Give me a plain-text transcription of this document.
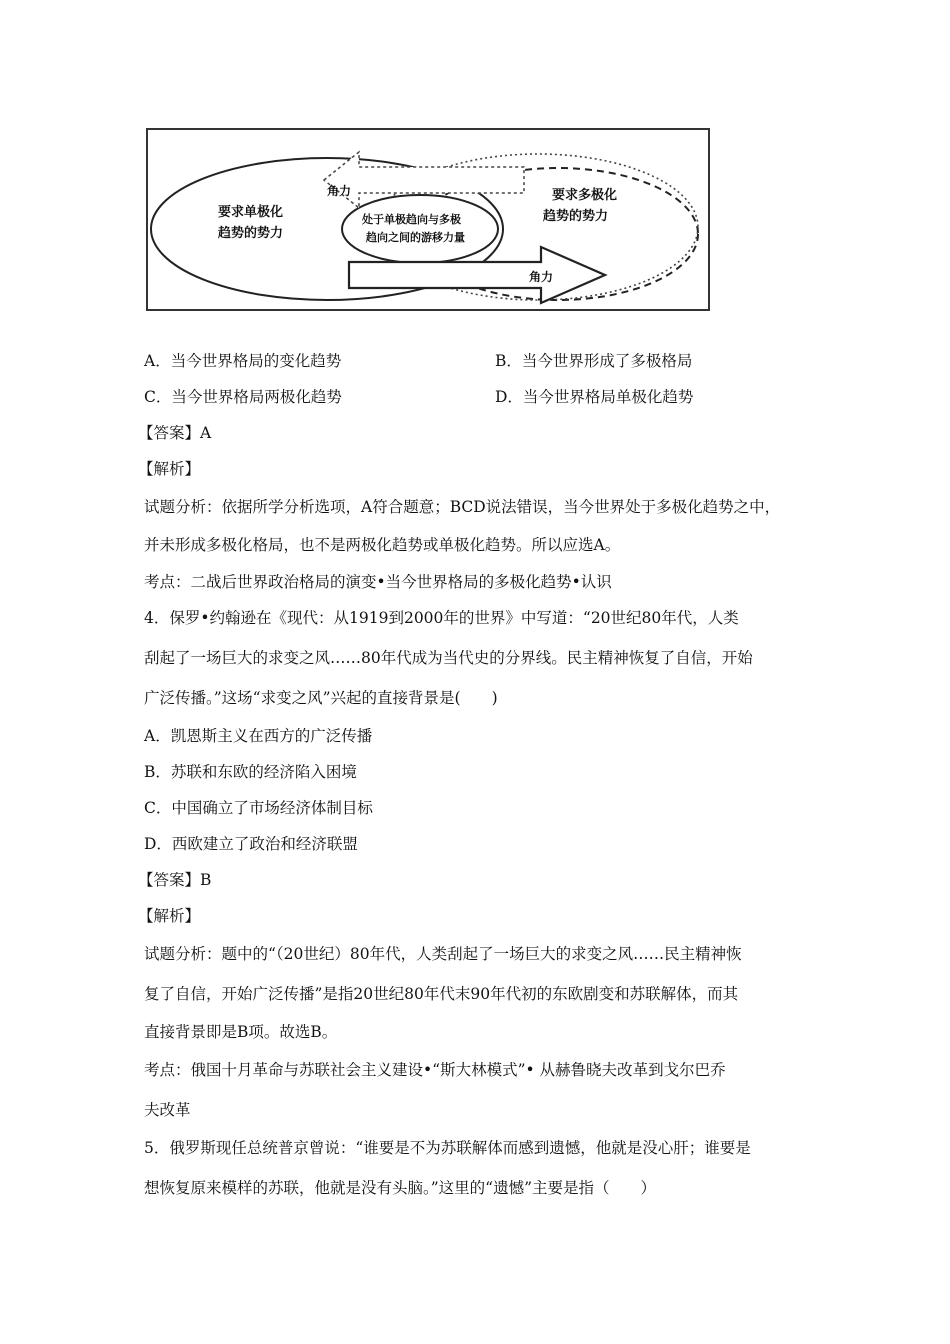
角力
角力
要求单极化
趋势的势力
要求多极化
趋势的势力
处于单极趋向与多极
趋向之间的游移力量
A．当今世界格局的变化趋势	B．当今世界形成了多极格局
C．当今世界格局两极化趋势	D．当今世界格局单极化趋势
【答案】A
【解析】
试题分析：依据所学分析选项，A符合题意；BCD说法错误，当今世界处于多极化趋势之中，
并未形成多极化格局，也不是两极化趋势或单极化趋势。所以应选A。
考点：二战后世界政治格局的演变•当今世界格局的多极化趋势•认识
4．保罗•约翰逊在《现代：从1919到2000年的世界》中写道：“20世纪80年代，人类
刮起了一场巨大的求变之风……80年代成为当代史的分界线。民主精神恢复了自信，开始
广泛传播。”这场“求变之风”兴起的直接背景是(　　)
A．凯恩斯主义在西方的广泛传播
B．苏联和东欧的经济陷入困境
C．中国确立了市场经济体制目标
D．西欧建立了政治和经济联盟
【答案】B
【解析】
试题分析：题中的“（20世纪）80年代，人类刮起了一场巨大的求变之风……民主精神恢
复了自信，开始广泛传播”是指20世纪80年代末90年代初的东欧剧变和苏联解体，而其
直接背景即是B项。故选B。
考点：俄国十月革命与苏联社会主义建设•“斯大林模式”• 从赫鲁晓夫改革到戈尔巴乔
夫改革
5．俄罗斯现任总统普京曾说：“谁要是不为苏联解体而感到遗憾，他就是没心肝；谁要是
想恢复原来模样的苏联，他就是没有头脑。”这里的“遗憾”主要是指（　　）
